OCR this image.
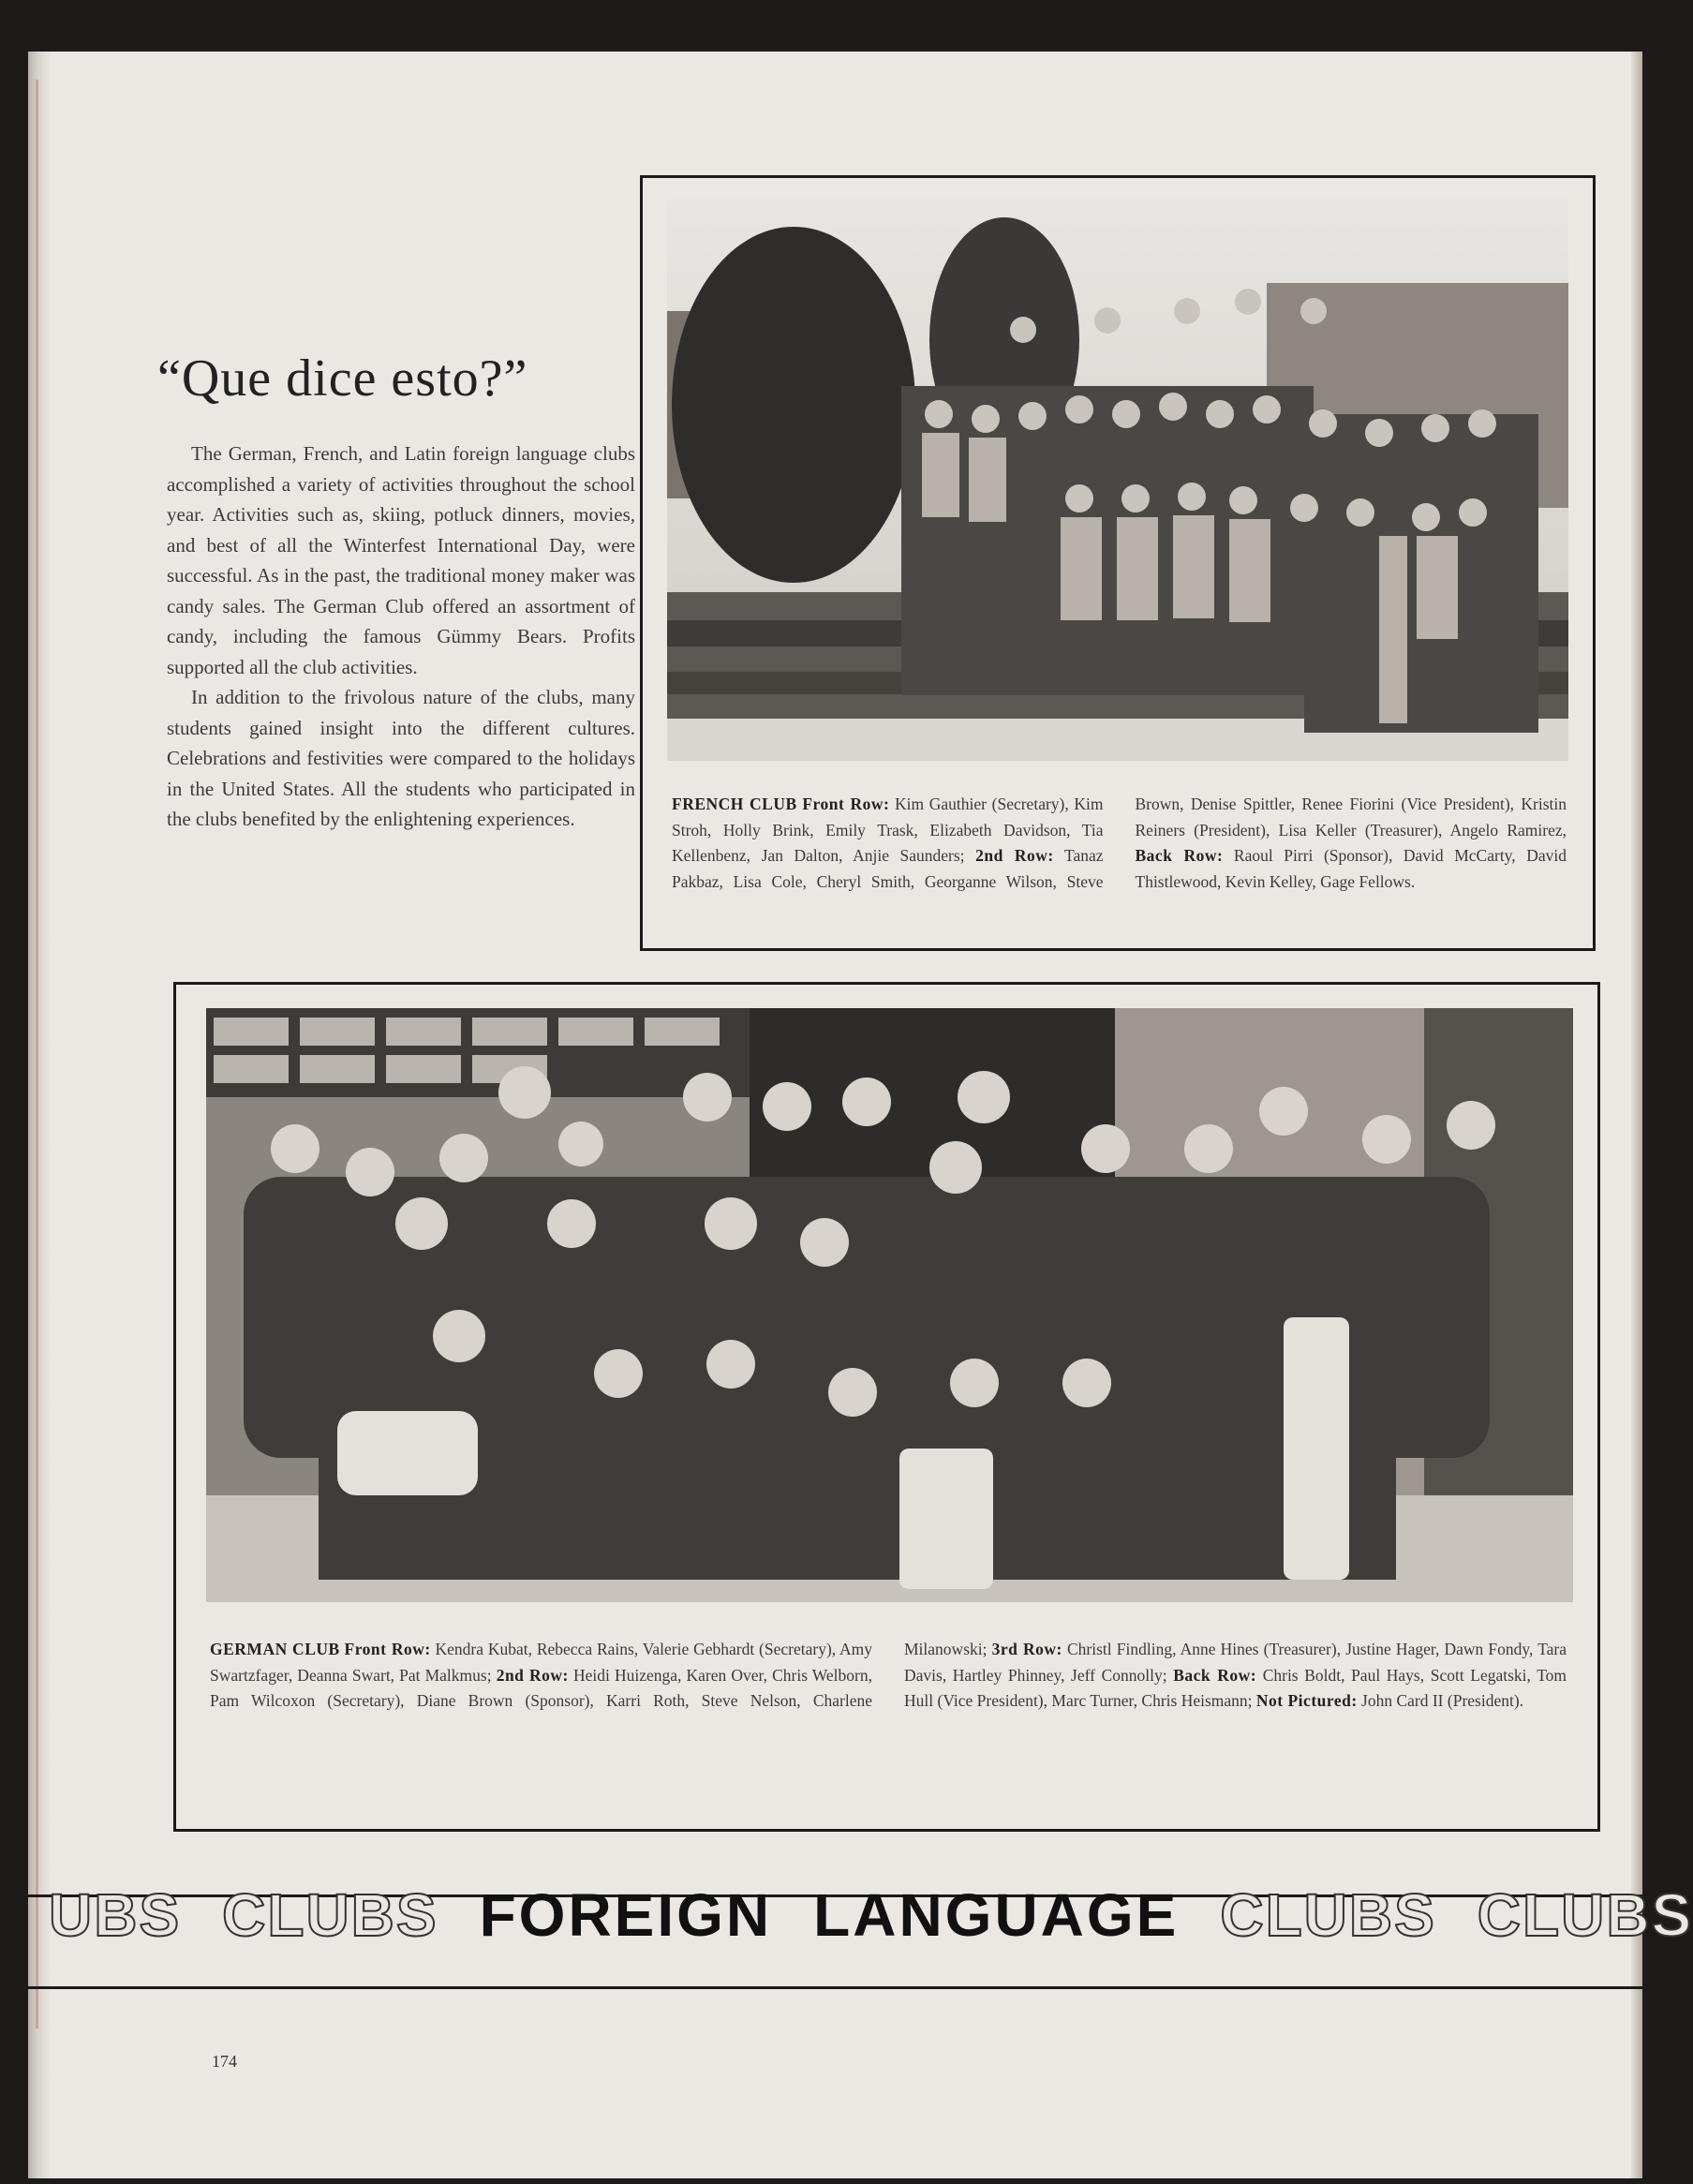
“Que dice esto?”

The German, French, and Latin foreign language clubs accomplished a variety of activities throughout the school year. Activities such as, skiing, potluck dinners, movies, and best of all the Winterfest International Day, were successful. As in the past, the traditional money maker was candy sales. The German Club offered an assortment of candy, including the famous Gümmy Bears. Profits supported all the club activities.

In addition to the frivolous nature of the clubs, many students gained insight into the different cultures. Celebrations and festivities were compared to the holidays in the United States. All the students who participated in the clubs benefited by the enlightening experiences.

FRENCH CLUB Front Row: Kim Gauthier (Secretary), Kim Stroh, Holly Brink, Emily Trask, Elizabeth Davidson, Tia Kellenbenz, Jan Dalton, Anjie Saunders; 2nd Row: Tanaz Pakbaz, Lisa Cole, Cheryl Smith, Georganne Wilson, Steve Brown, Denise Spittler, Renee Fiorini (Vice President), Kristin Reiners (President), Lisa Keller (Treasurer), Angelo Ramirez, Back Row: Raoul Pirri (Sponsor), David McCarty, David Thistlewood, Kevin Kelley, Gage Fellows.
GERMAN CLUB Front Row: Kendra Kubat, Rebecca Rains, Valerie Gebhardt (Secretary), Amy Swartzfager, Deanna Swart, Pat Malkmus; 2nd Row: Heidi Huizenga, Karen Over, Chris Welborn, Pam Wilcoxon (Secretary), Diane Brown (Sponsor), Karri Roth, Steve Nelson, Charlene Milanowski; 3rd Row: Christl Findling, Anne Hines (Treasurer), Justine Hager, Dawn Fondy, Tara Davis, Hartley Phinney, Jeff Connolly; Back Row: Chris Boldt, Paul Hays, Scott Legatski, Tom Hull (Vice President), Marc Turner, Chris Heismann; Not Pictured: John Card II (President).
UBS CLUBS FOREIGN LANGUAGE CLUBS CLUBS
174
